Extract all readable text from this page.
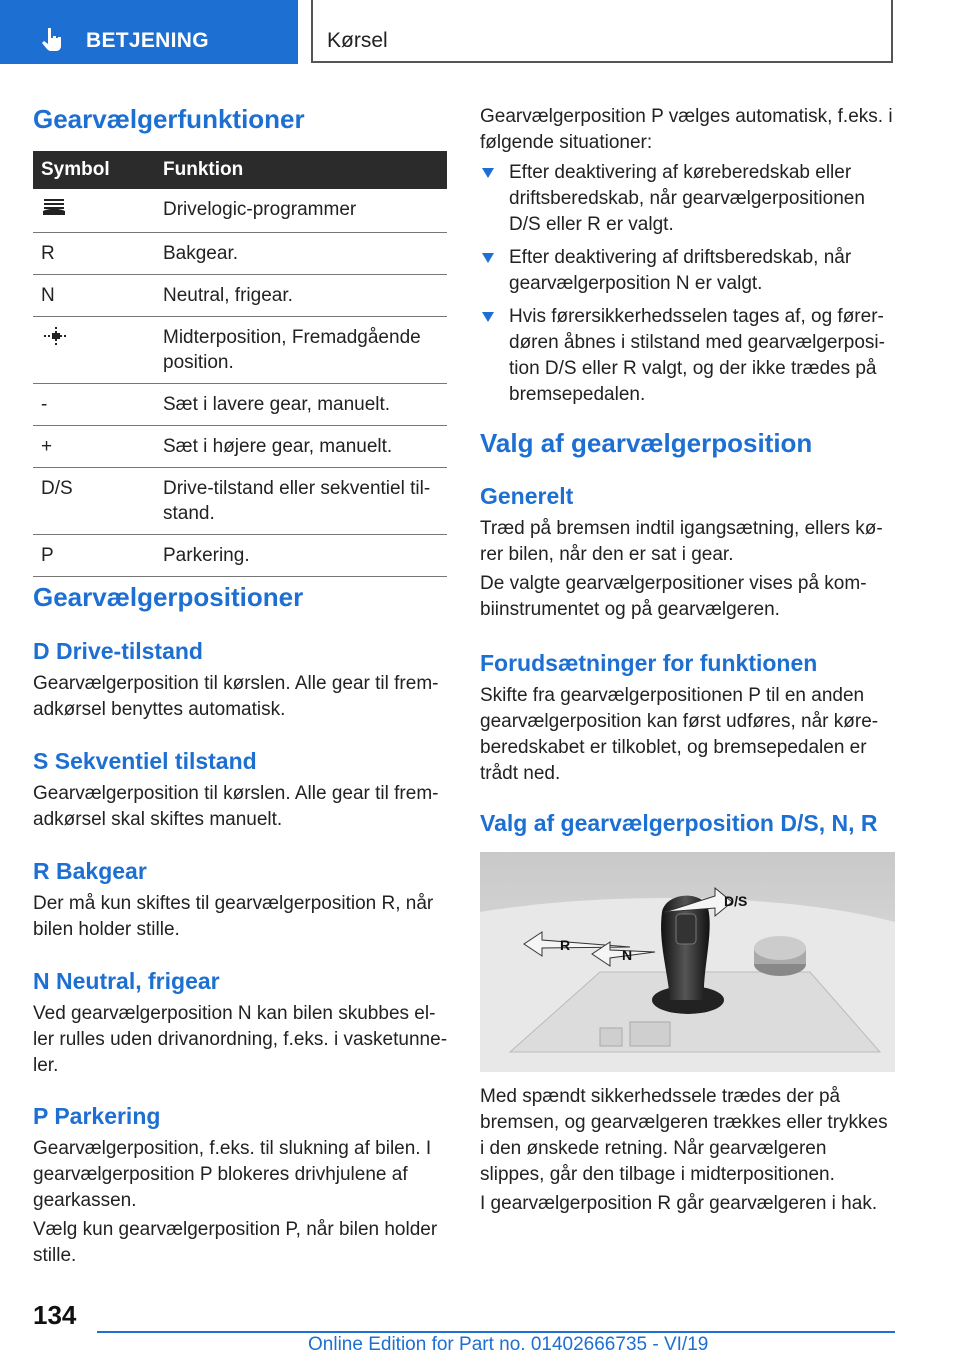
BETJENING	Kørsel
Gearvælgerfunktioner
Symbol	Funktion
	Drivelogic-programmer
R	Bakgear.
N	Neutral, frigear.
	Midterposition, Fremadgående position.
-	Sæt i lavere gear, manuelt.
+	Sæt i højere gear, manuelt.
D/S	Drive-tilstand eller sekventiel tilstand.
P	Parkering.
Gearvælgerpositioner
D Drive-tilstand

Gearvælgerposition til kørslen. Alle gear til fremadkørsel benyttes automatisk.

S Sekventiel tilstand

Gearvælgerposition til kørslen. Alle gear til fremadkørsel skal skiftes manuelt.

R Bakgear

Der må kun skiftes til gearvælgerposition R, når bilen holder stille.

N Neutral, frigear

Ved gearvælgerposition N kan bilen skubbes eller rulles uden drivanordning, f.eks. i vasketunneler.

P Parkering

Gearvælgerposition, f.eks. til slukning af bilen. I gearvælgerposition P blokeres drivhjulene af gearkassen.

Vælg kun gearvælgerposition P, når bilen holder stille.

Gearvælgerposition P vælges automatisk, f.eks. i følgende situationer:

Efter deaktivering af køreberedskab eller driftsberedskab, når gearvælgerpositionen D/S eller R er valgt.
Efter deaktivering af driftsberedskab, når gearvælgerposition N er valgt.
Hvis førersikkerhedsselen tages af, og førerdøren åbnes i stilstand med gearvælgerposition D/S eller R valgt, og der ikke trædes på bremsepedalen.
Valg af gearvælgerposition
Generelt

Træd på bremsen indtil igangsætning, ellers kører bilen, når den er sat i gear.

De valgte gearvælgerpositioner vises på kombiinstrumentet og på gearvælgeren.

Forudsætninger for funktionen

Skifte fra gearvælgerpositionen P til en anden gearvælgerposition kan først udføres, når køreberedskabet er tilkoblet, og bremsepedalen er trådt ned.

Valg af gearvælgerposition D/S, N, R
D/S
R
N

Med spændt sikkerhedssele trædes der på bremsen, og gearvælgeren trækkes eller trykkes i den ønskede retning. Når gearvælgeren slippes, går den tilbage i midterpositionen.

I gearvælgerposition R går gearvælgeren i hak.

134
Online Edition for Part no. 01402666735 - VI/19
